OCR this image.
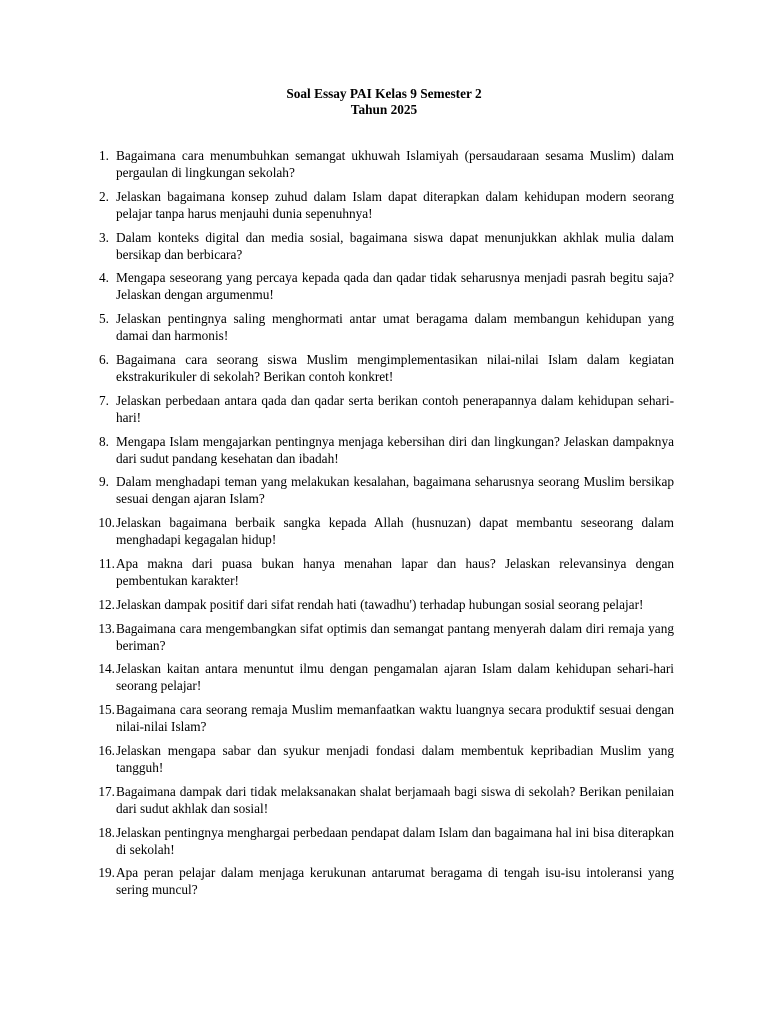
Soal Essay PAI Kelas 9 Semester 2
Tahun 2025

1. Bagaimana cara menumbuhkan semangat ukhuwah Islamiyah (persaudaraan sesama Muslim) dalam pergaulan di lingkungan sekolah?
2. Jelaskan bagaimana konsep zuhud dalam Islam dapat diterapkan dalam kehidupan modern seorang pelajar tanpa harus menjauhi dunia sepenuhnya!
3. Dalam konteks digital dan media sosial, bagaimana siswa dapat menunjukkan akhlak mulia dalam bersikap dan berbicara?
4. Mengapa seseorang yang percaya kepada qada dan qadar tidak seharusnya menjadi pasrah begitu saja? Jelaskan dengan argumenmu!
5. Jelaskan pentingnya saling menghormati antar umat beragama dalam membangun kehidupan yang damai dan harmonis!
6. Bagaimana cara seorang siswa Muslim mengimplementasikan nilai-nilai Islam dalam kegiatan ekstrakurikuler di sekolah? Berikan contoh konkret!
7. Jelaskan perbedaan antara qada dan qadar serta berikan contoh penerapannya dalam kehidupan sehari-hari!
8. Mengapa Islam mengajarkan pentingnya menjaga kebersihan diri dan lingkungan? Jelaskan dampaknya dari sudut pandang kesehatan dan ibadah!
9. Dalam menghadapi teman yang melakukan kesalahan, bagaimana seharusnya seorang Muslim bersikap sesuai dengan ajaran Islam?
10. Jelaskan bagaimana berbaik sangka kepada Allah (husnuzan) dapat membantu seseorang dalam menghadapi kegagalan hidup!
11. Apa makna dari puasa bukan hanya menahan lapar dan haus? Jelaskan relevansinya dengan pembentukan karakter!
12. Jelaskan dampak positif dari sifat rendah hati (tawadhu') terhadap hubungan sosial seorang pelajar!
13. Bagaimana cara mengembangkan sifat optimis dan semangat pantang menyerah dalam diri remaja yang beriman?
14. Jelaskan kaitan antara menuntut ilmu dengan pengamalan ajaran Islam dalam kehidupan sehari-hari seorang pelajar!
15. Bagaimana cara seorang remaja Muslim memanfaatkan waktu luangnya secara produktif sesuai dengan nilai-nilai Islam?
16. Jelaskan mengapa sabar dan syukur menjadi fondasi dalam membentuk kepribadian Muslim yang tangguh!
17. Bagaimana dampak dari tidak melaksanakan shalat berjamaah bagi siswa di sekolah? Berikan penilaian dari sudut akhlak dan sosial!
18. Jelaskan pentingnya menghargai perbedaan pendapat dalam Islam dan bagaimana hal ini bisa diterapkan di sekolah!
19. Apa peran pelajar dalam menjaga kerukunan antarumat beragama di tengah isu-isu intoleransi yang sering muncul?
